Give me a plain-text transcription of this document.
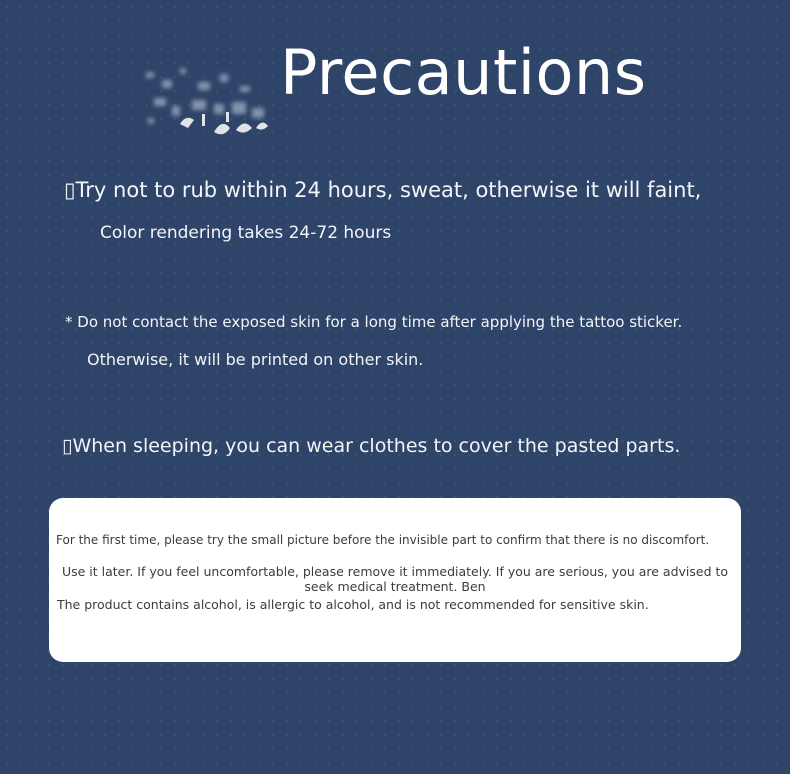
Precautions
▯Try not to rub within 24 hours, sweat, otherwise it will faint,
Color rendering takes 24-72 hours
* Do not contact the exposed skin for a long time after applying the tattoo sticker.
Otherwise, it will be printed on other skin.
▯When sleeping, you can wear clothes to cover the pasted parts.
For the first time, please try the small picture before the invisible part to confirm that there is no discomfort.
Use it later. If you feel uncomfortable, please remove it immediately. If you are serious, you are advised to seek medical treatment. Ben
The product contains alcohol, is allergic to alcohol, and is not recommended for sensitive skin.
